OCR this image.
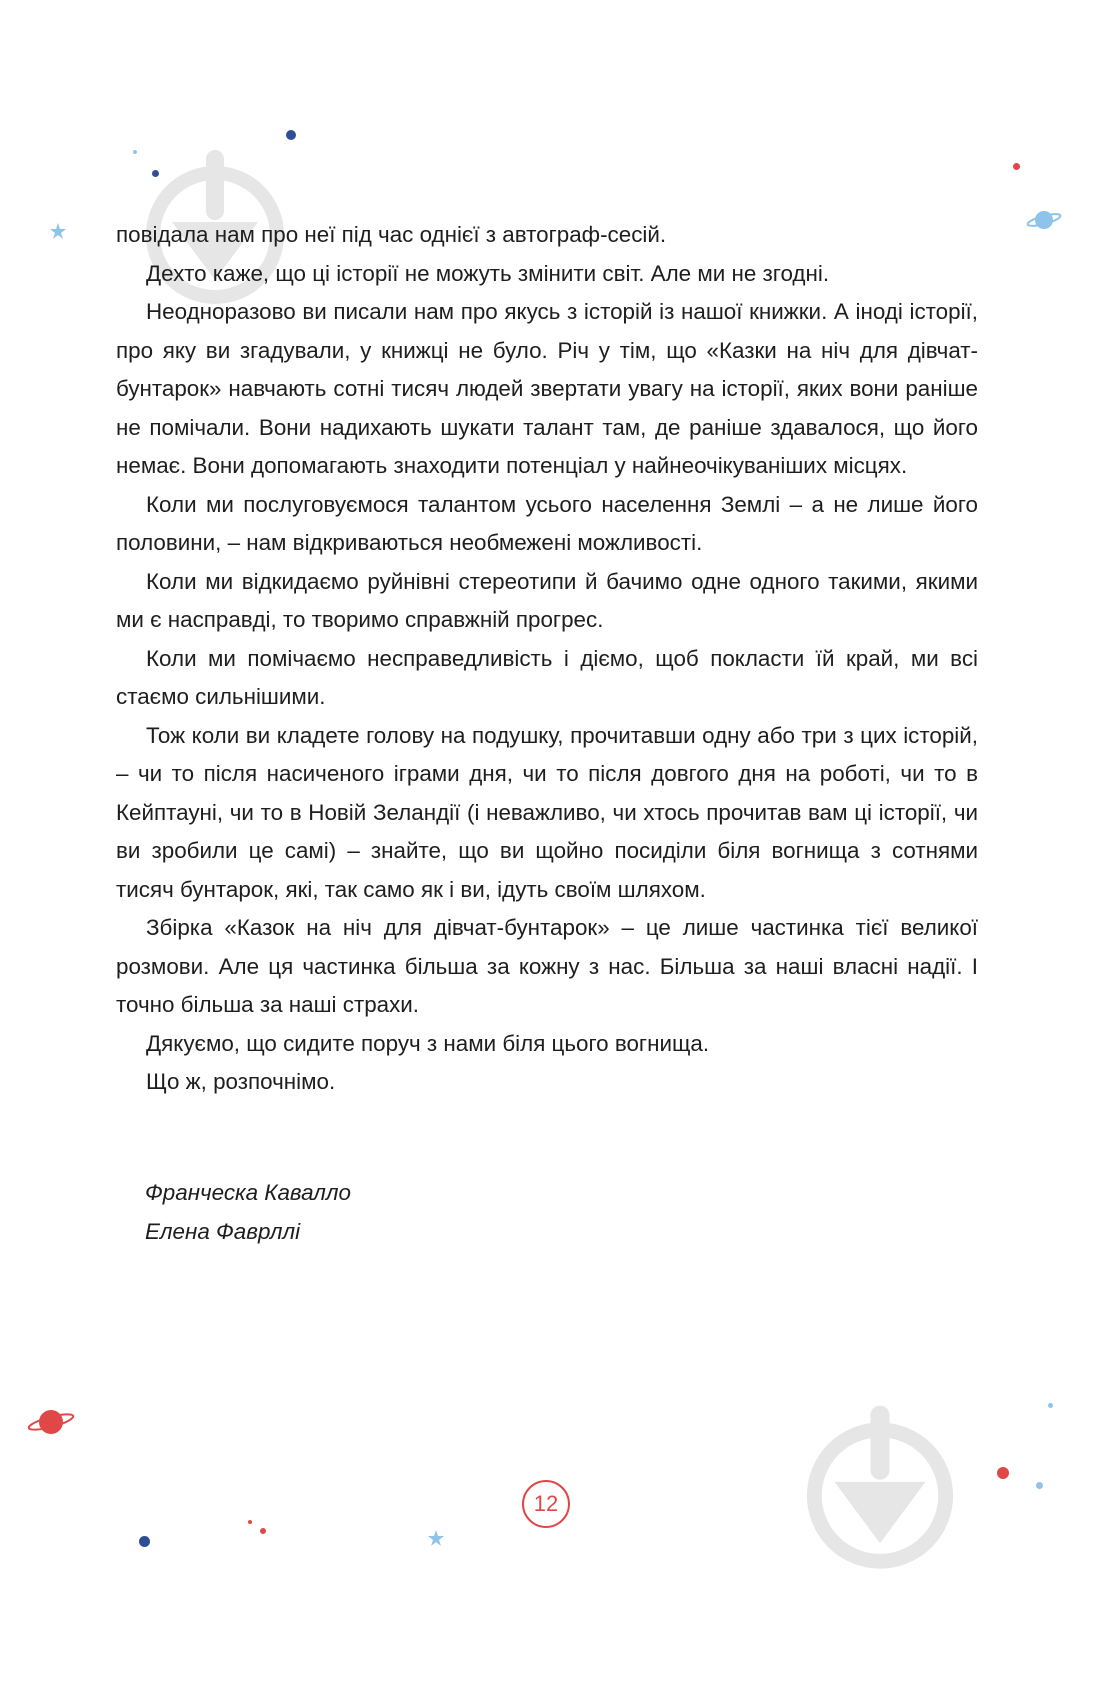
повідала нам про неї під час однієї з автограф-сесій.

Дехто каже, що ці історії не можуть змінити світ. Але ми не згодні.

Неодноразово ви писали нам про якусь з історій із нашої книжки. А іноді історії, про яку ви згадували, у книжці не було. Річ у тім, що «Казки на ніч для дівчат-бунтарок» навчають сотні тисяч людей звертати увагу на історії, яких вони раніше не помічали. Вони надихають шукати талант там, де раніше здавалося, що його немає. Вони допомагають знаходити потенціал у найнеочікуваніших місцях.

Коли ми послуговуємося талантом усього населення Землі – а не лише його половини, – нам відкриваються необмежені можливості.

Коли ми відкидаємо руйнівні стереотипи й бачимо одне одного такими, якими ми є насправді, то творимо справжній прогрес.

Коли ми помічаємо несправедливість і діємо, щоб покласти їй край, ми всі стаємо сильнішими.

Тож коли ви кладете голову на подушку, прочитавши одну або три з цих історій, – чи то після насиченого іграми дня, чи то після довгого дня на роботі, чи то в Кейптауні, чи то в Новій Зеландії (і неважливо, чи хтось прочитав вам ці історії, чи ви зробили це самі) – знайте, що ви щойно посиділи біля вогнища з сотнями тисяч бунтарок, які, так само як і ви, ідуть своїм шляхом.

Збірка «Казок на ніч для дівчат-бунтарок» – це лише частинка тієї великої розмови. Але ця частинка більша за кожну з нас. Більша за наші власні надії. І точно більша за наші страхи.

Дякуємо, що сидите поруч з нами біля цього вогнища.

Що ж, розпочнімо.

Франческа Кавалло
Елена Фаврллі
12
